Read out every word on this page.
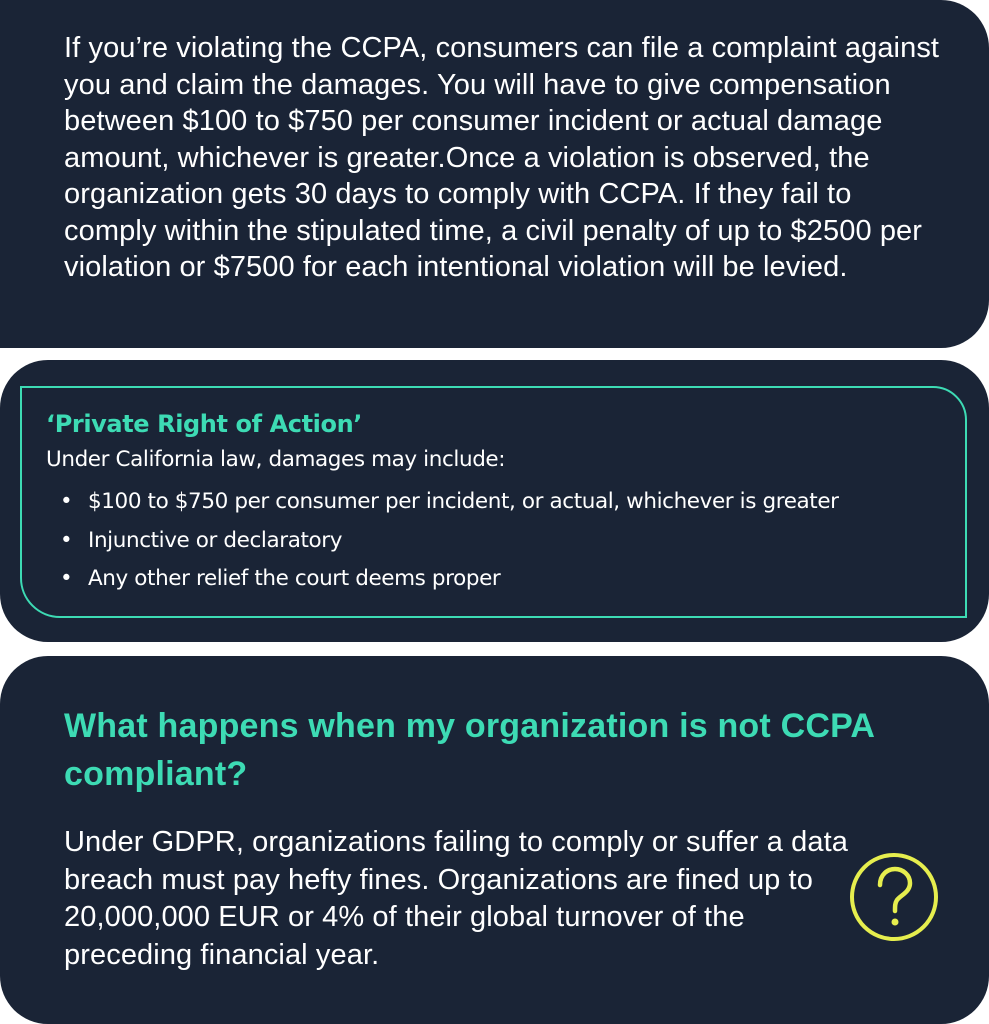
If you’re violating the CCPA, consumers can file a complaint against you and claim the damages. You will have to give compensation between $100 to $750 per consumer incident or actual damage amount, whichever is greater.Once a violation is observed, the organization gets 30 days to comply with CCPA. If they fail to comply within the stipulated time, a civil penalty of up to $2500 per violation or $7500 for each intentional violation will be levied.

‘Private Right of Action’

Under California law, damages may include:

• $100 to $750 per consumer per incident, or actual, whichever is greater
• Injunctive or declaratory
• Any other relief the court deems proper
What happens when my organization is not CCPA compliant?

Under GDPR, organizations failing to comply or suffer a data breach must pay hefty fines. Organizations are fined up to 20,000,000 EUR or 4% of their global turnover of the preceding financial year.
